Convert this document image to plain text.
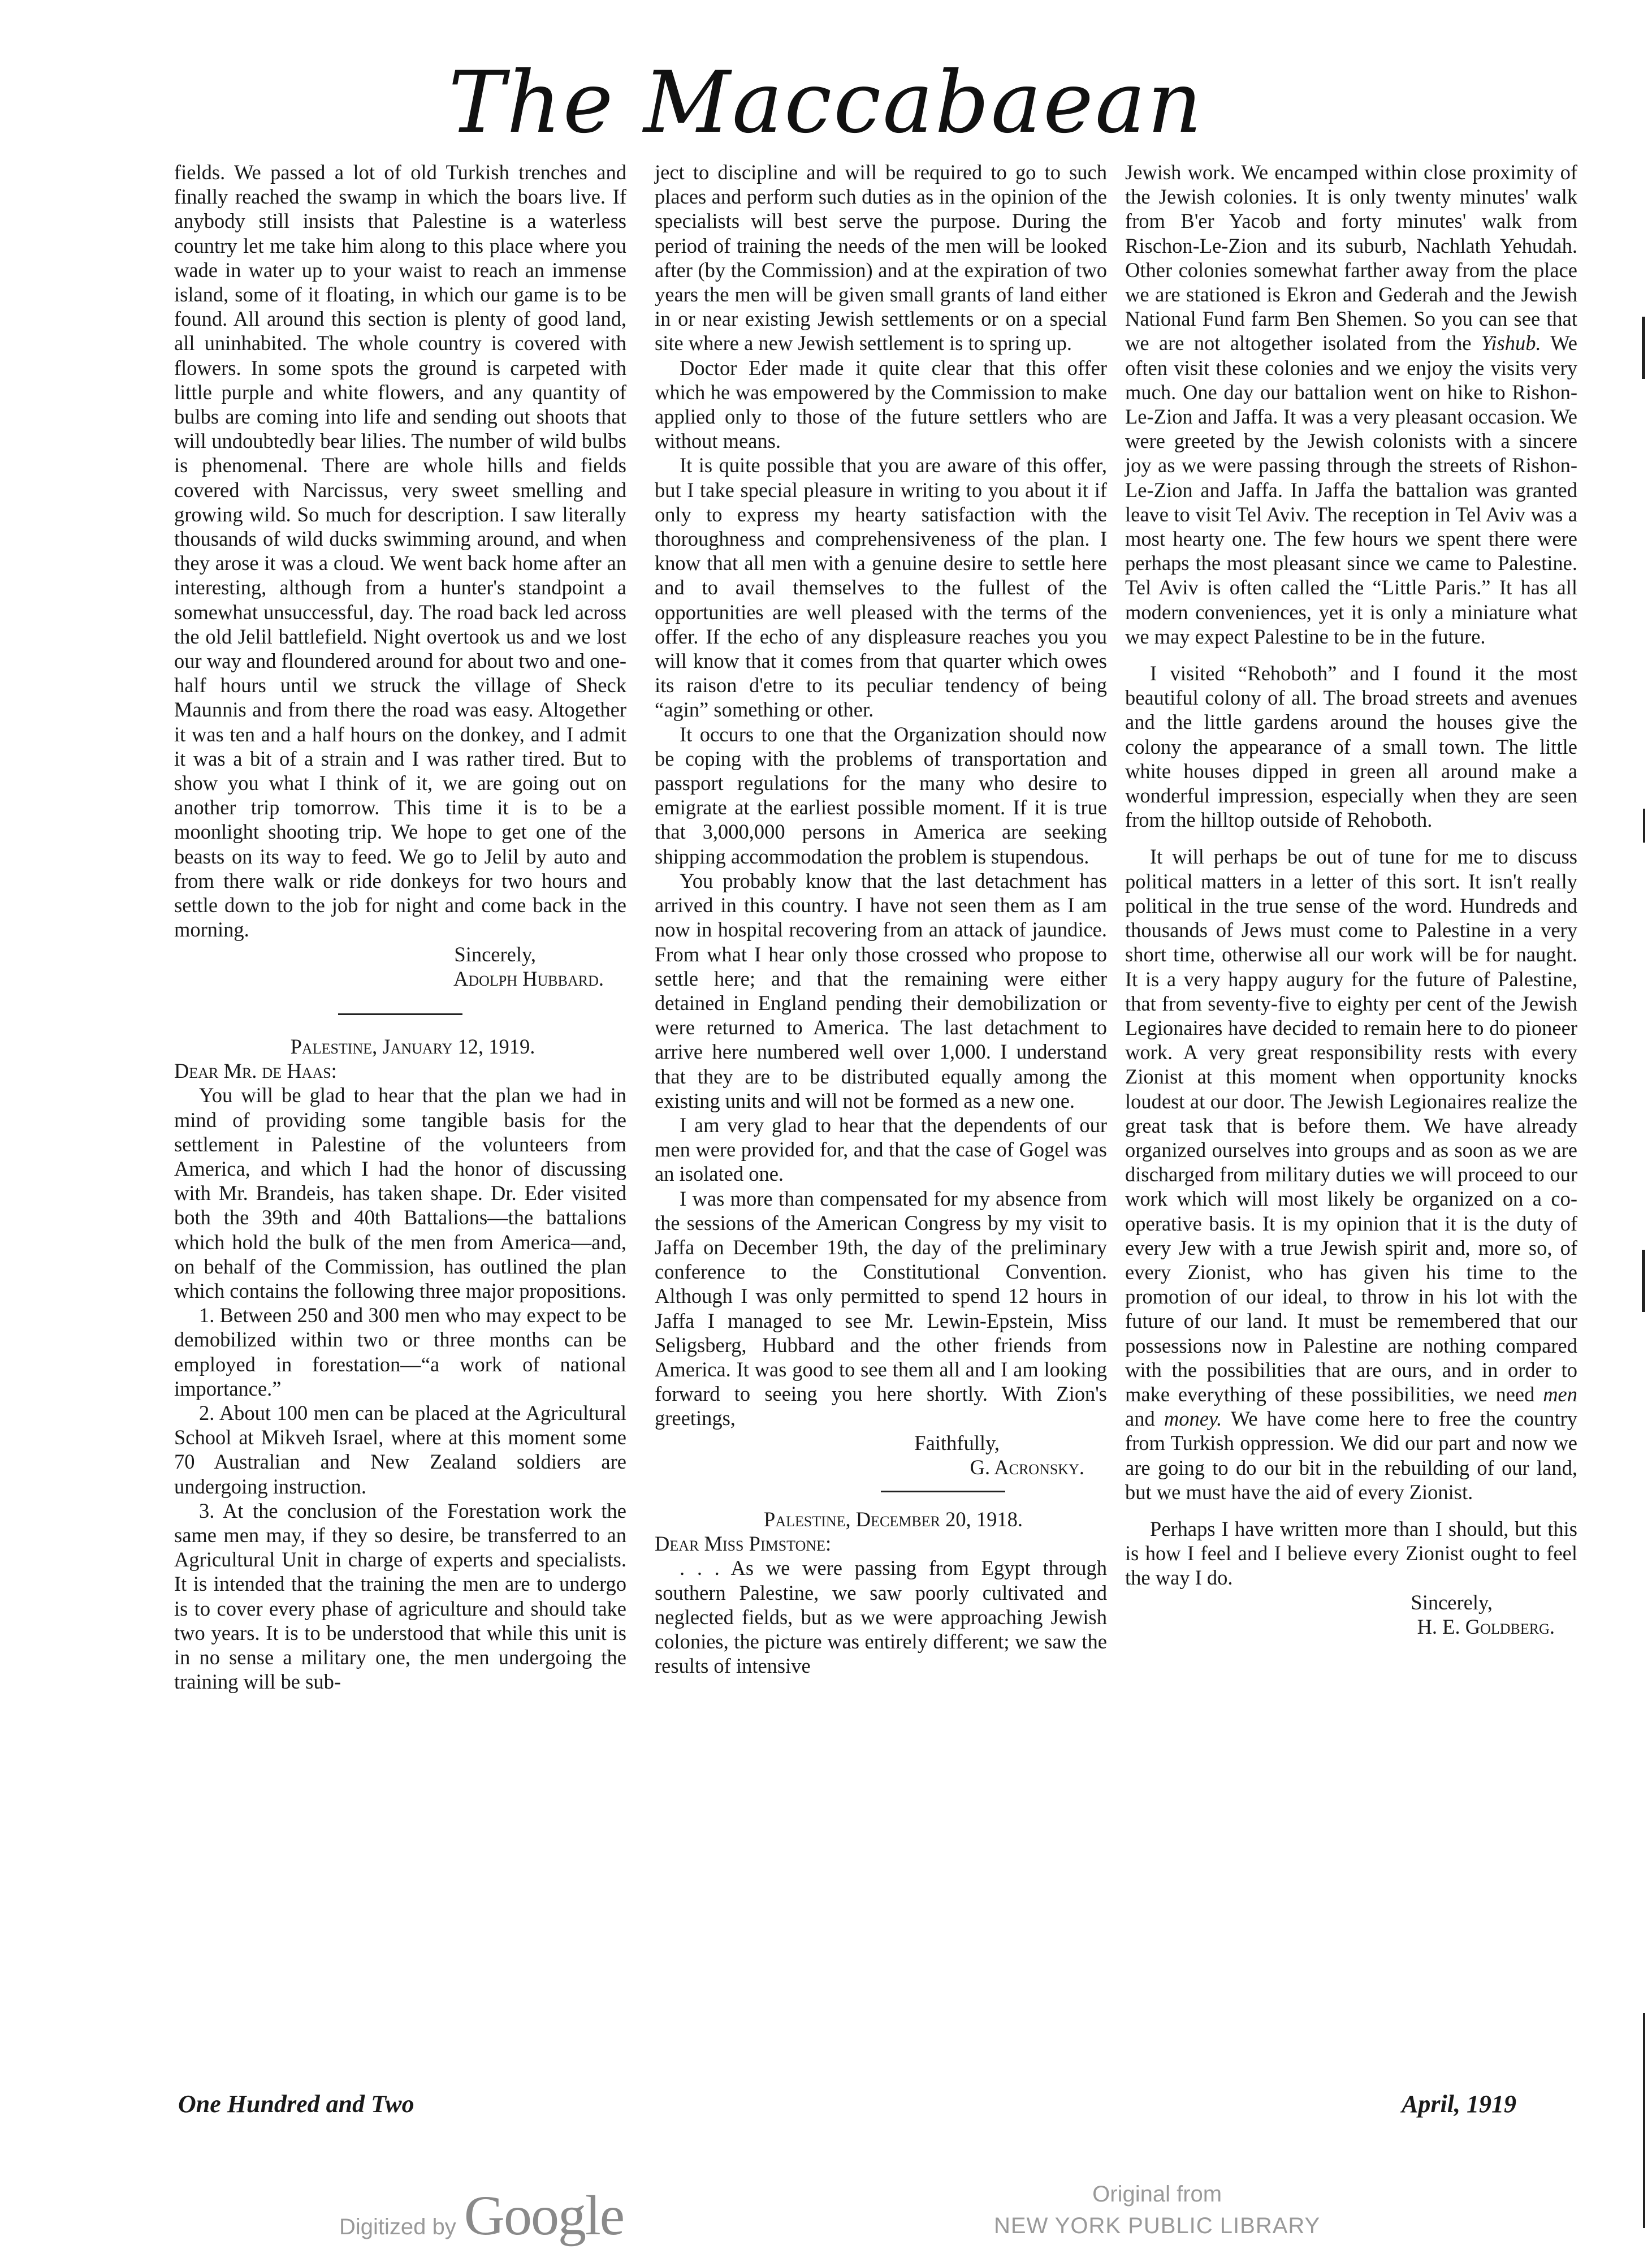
The Maccabaean

fields. We passed a lot of old Turkish trenches and finally reached the swamp in which the boars live. If anybody still insists that Palestine is a waterless country let me take him along to this place where you wade in water up to your waist to reach an immense island, some of it floating, in which our game is to be found. All around this section is plenty of good land, all uninhabited. The whole country is covered with flowers. In some spots the ground is carpeted with little purple and white flowers, and any quantity of bulbs are coming into life and sending out shoots that will undoubtedly bear lilies. The number of wild bulbs is phenomenal. There are whole hills and fields covered with Narcissus, very sweet smelling and growing wild. So much for description. I saw literally thousands of wild ducks swimming around, and when they arose it was a cloud. We went back home after an interesting, although from a hunter's standpoint a somewhat unsuccessful, day. The road back led across the old Jelil battlefield. Night overtook us and we lost our way and floundered around for about two and one-half hours until we struck the village of Sheck Maunnis and from there the road was easy. Altogether it was ten and a half hours on the donkey, and I admit it was a bit of a strain and I was rather tired. But to show you what I think of it, we are going out on another trip tomorrow. This time it is to be a moonlight shooting trip. We hope to get one of the beasts on its way to feed. We go to Jelil by auto and from there walk or ride donkeys for two hours and settle down to the job for night and come back in the morning.

Sincerely,

Adolph Hubbard.

Palestine, January 12, 1919.

Dear Mr. de Haas:

You will be glad to hear that the plan we had in mind of providing some tangible basis for the settlement in Palestine of the volunteers from America, and which I had the honor of discussing with Mr. Brandeis, has taken shape. Dr. Eder visited both the 39th and 40th Battalions—the battalions which hold the bulk of the men from America—and, on behalf of the Commission, has outlined the plan which contains the following three major propositions.

1. Between 250 and 300 men who may expect to be demobilized within two or three months can be employed in forestation—“a work of national importance.”

2. About 100 men can be placed at the Agricultural School at Mikveh Israel, where at this moment some 70 Australian and New Zealand soldiers are undergoing instruction.

3. At the conclusion of the Forestation work the same men may, if they so desire, be transferred to an Agricultural Unit in charge of experts and specialists. It is intended that the training the men are to undergo is to cover every phase of agriculture and should take two years. It is to be understood that while this unit is in no sense a military one, the men undergoing the training will be sub-

ject to discipline and will be required to go to such places and perform such duties as in the opinion of the specialists will best serve the purpose. During the period of training the needs of the men will be looked after (by the Commission) and at the expiration of two years the men will be given small grants of land either in or near existing Jewish settlements or on a special site where a new Jewish settlement is to spring up.

Doctor Eder made it quite clear that this offer which he was empowered by the Commission to make applied only to those of the future settlers who are without means.

It is quite possible that you are aware of this offer, but I take special pleasure in writing to you about it if only to express my hearty satisfaction with the thoroughness and comprehensiveness of the plan. I know that all men with a genuine desire to settle here and to avail themselves to the fullest of the opportunities are well pleased with the terms of the offer. If the echo of any displeasure reaches you you will know that it comes from that quarter which owes its raison d'etre to its peculiar tendency of being “agin” something or other.

It occurs to one that the Organization should now be coping with the problems of transportation and passport regulations for the many who desire to emigrate at the earliest possible moment. If it is true that 3,000,000 persons in America are seeking shipping accommodation the problem is stupendous.

You probably know that the last detachment has arrived in this country. I have not seen them as I am now in hospital recovering from an attack of jaundice. From what I hear only those crossed who propose to settle here; and that the remaining were either detained in England pending their demobilization or were returned to America. The last detachment to arrive here numbered well over 1,000. I understand that they are to be distributed equally among the existing units and will not be formed as a new one.

I am very glad to hear that the dependents of our men were provided for, and that the case of Gogel was an isolated one.

I was more than compensated for my absence from the sessions of the American Congress by my visit to Jaffa on December 19th, the day of the preliminary conference to the Constitutional Convention. Although I was only permitted to spend 12 hours in Jaffa I managed to see Mr. Lewin-Epstein, Miss Seligsberg, Hubbard and the other friends from America. It was good to see them all and I am looking forward to seeing you here shortly. With Zion's greetings,

Faithfully,

G. Acronsky.

Palestine, December 20, 1918.

Dear Miss Pimstone:

. . . As we were passing from Egypt through southern Palestine, we saw poorly cultivated and neglected fields, but as we were approaching Jewish colonies, the picture was entirely different; we saw the results of intensive

Jewish work. We encamped within close proximity of the Jewish colonies. It is only twenty minutes' walk from B'er Yacob and forty minutes' walk from Rischon-Le-Zion and its suburb, Nachlath Yehudah. Other colonies somewhat farther away from the place we are stationed is Ekron and Gederah and the Jewish National Fund farm Ben Shemen. So you can see that we are not altogether isolated from the Yishub. We often visit these colonies and we enjoy the visits very much. One day our battalion went on hike to Rishon-Le-Zion and Jaffa. It was a very pleasant occasion. We were greeted by the Jewish colonists with a sincere joy as we were passing through the streets of Rishon-Le-Zion and Jaffa. In Jaffa the battalion was granted leave to visit Tel Aviv. The reception in Tel Aviv was a most hearty one. The few hours we spent there were perhaps the most pleasant since we came to Palestine. Tel Aviv is often called the “Little Paris.” It has all modern conveniences, yet it is only a miniature what we may expect Palestine to be in the future.

I visited “Rehoboth” and I found it the most beautiful colony of all. The broad streets and avenues and the little gardens around the houses give the colony the appearance of a small town. The little white houses dipped in green all around make a wonderful impression, especially when they are seen from the hilltop outside of Rehoboth.

It will perhaps be out of tune for me to discuss political matters in a letter of this sort. It isn't really political in the true sense of the word. Hundreds and thousands of Jews must come to Palestine in a very short time, otherwise all our work will be for naught. It is a very happy augury for the future of Palestine, that from seventy-five to eighty per cent of the Jewish Legionaires have decided to remain here to do pioneer work. A very great responsibility rests with every Zionist at this moment when opportunity knocks loudest at our door. The Jewish Legionaires realize the great task that is before them. We have already organized ourselves into groups and as soon as we are discharged from military duties we will proceed to our work which will most likely be organized on a co-operative basis. It is my opinion that it is the duty of every Jew with a true Jewish spirit and, more so, of every Zionist, who has given his time to the promotion of our ideal, to throw in his lot with the future of our land. It must be remembered that our possessions now in Palestine are nothing compared with the possibilities that are ours, and in order to make everything of these possibilities, we need men and money. We have come here to free the country from Turkish oppression. We did our part and now we are going to do our bit in the rebuilding of our land, but we must have the aid of every Zionist.

Perhaps I have written more than I should, but this is how I feel and I believe every Zionist ought to feel the way I do.

Sincerely,

H. E. Goldberg.

One Hundred and Two	April, 1919
Digitized by Google	Original from
NEW YORK PUBLIC LIBRARY
